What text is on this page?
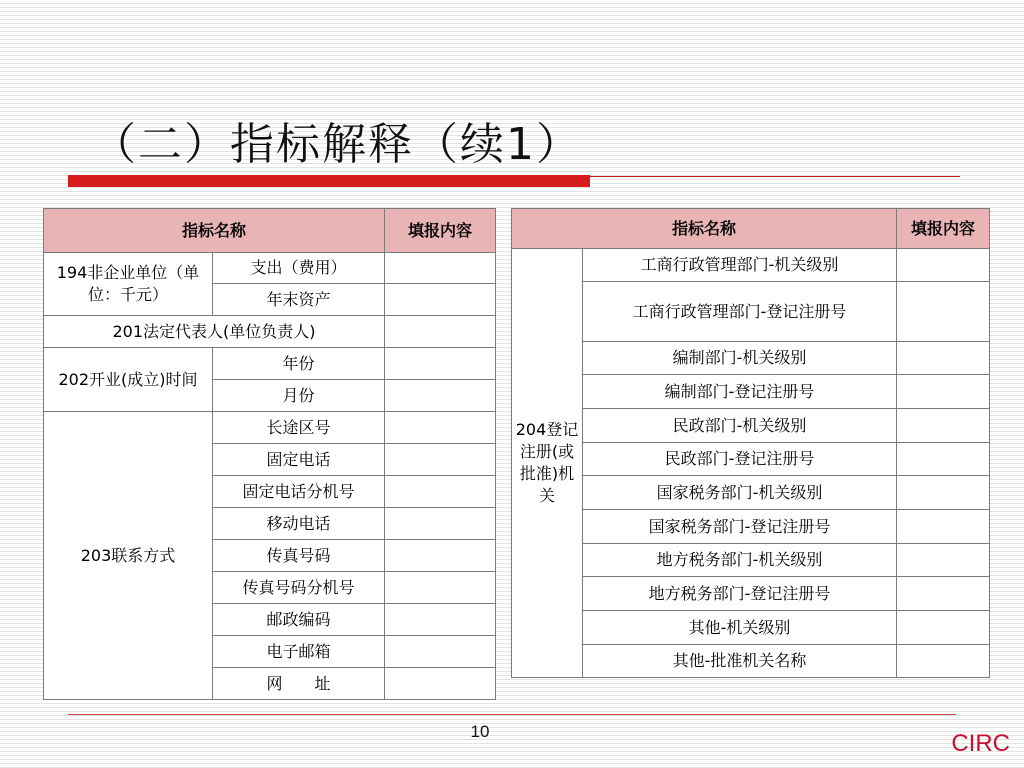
（二）指标解释（续1）
指标名称		填报内容
194非企业单位（单位：千元）	支出（费用）	
	年末资产	
201法定代表人(单位负责人)		
202开业(成立)时间	年份	
	月份	
203联系方式	长途区号	
	固定电话	
	固定电话分机号	
	移动电话	
	传真号码	
	传真号码分机号	
	邮政编码	
	电子邮箱	
	网　　址	
指标名称		填报内容
204登记注册(或批准)机关	工商行政管理部门-机关级别	
	工商行政管理部门-登记注册号	
	编制部门-机关级别	
	编制部门-登记注册号	
	民政部门-机关级别	
	民政部门-登记注册号	
	国家税务部门-机关级别	
	国家税务部门-登记注册号	
	地方税务部门-机关级别	
	地方税务部门-登记注册号	
	其他-机关级别	
	其他-批准机关名称	
10	CIRC
